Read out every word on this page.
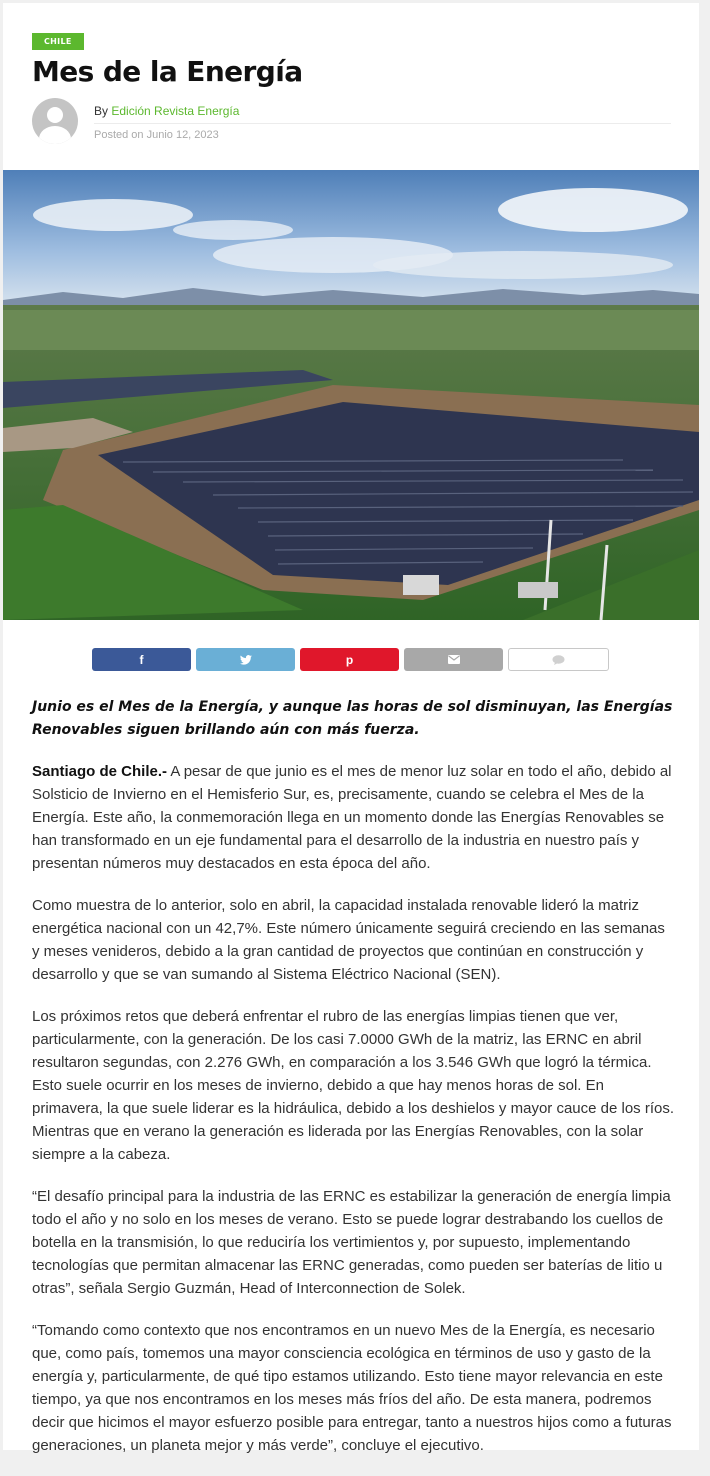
CHILE
Mes de la Energía
By Edición Revista Energía
Posted on Junio 12, 2023
f	p

Junio es el Mes de la Energía, y aunque las horas de sol disminuyan, las Energías Renovables siguen brillando aún con más fuerza.

Santiago de Chile.- A pesar de que junio es el mes de menor luz solar en todo el año, debido al Solsticio de Invierno en el Hemisferio Sur, es, precisamente, cuando se celebra el Mes de la Energía. Este año, la conmemoración llega en un momento donde las Energías Renovables se han transformado en un eje fundamental para el desarrollo de la industria en nuestro país y presentan números muy destacados en esta época del año.

Como muestra de lo anterior, solo en abril, la capacidad instalada renovable lideró la matriz energética nacional con un 42,7%. Este número únicamente seguirá creciendo en las semanas y meses venideros, debido a la gran cantidad de proyectos que continúan en construcción y desarrollo y que se van sumando al Sistema Eléctrico Nacional (SEN).

Los próximos retos que deberá enfrentar el rubro de las energías limpias tienen que ver, particularmente, con la generación. De los casi 7.0000 GWh de la matriz, las ERNC en abril resultaron segundas, con 2.276 GWh, en comparación a los 3.546 GWh que logró la térmica. Esto suele ocurrir en los meses de invierno, debido a que hay menos horas de sol. En primavera, la que suele liderar es la hidráulica, debido a los deshielos y mayor cauce de los ríos. Mientras que en verano la generación es liderada por las Energías Renovables, con la solar siempre a la cabeza.

“El desafío principal para la industria de las ERNC es estabilizar la generación de energía limpia todo el año y no solo en los meses de verano. Esto se puede lograr destrabando los cuellos de botella en la transmisión, lo que reduciría los vertimientos y, por supuesto, implementando tecnologías que permitan almacenar las ERNC generadas, como pueden ser baterías de litio u otras”, señala Sergio Guzmán, Head of Interconnection de Solek.

“Tomando como contexto que nos encontramos en un nuevo Mes de la Energía, es necesario que, como país, tomemos una mayor consciencia ecológica en términos de uso y gasto de la energía y, particularmente, de qué tipo estamos utilizando. Esto tiene mayor relevancia en este tiempo, ya que nos encontramos en los meses más fríos del año. De esta manera, podremos decir que hicimos el mayor esfuerzo posible para entregar, tanto a nuestros hijos como a futuras generaciones, un planeta mejor y más verde”, concluye el ejecutivo.
